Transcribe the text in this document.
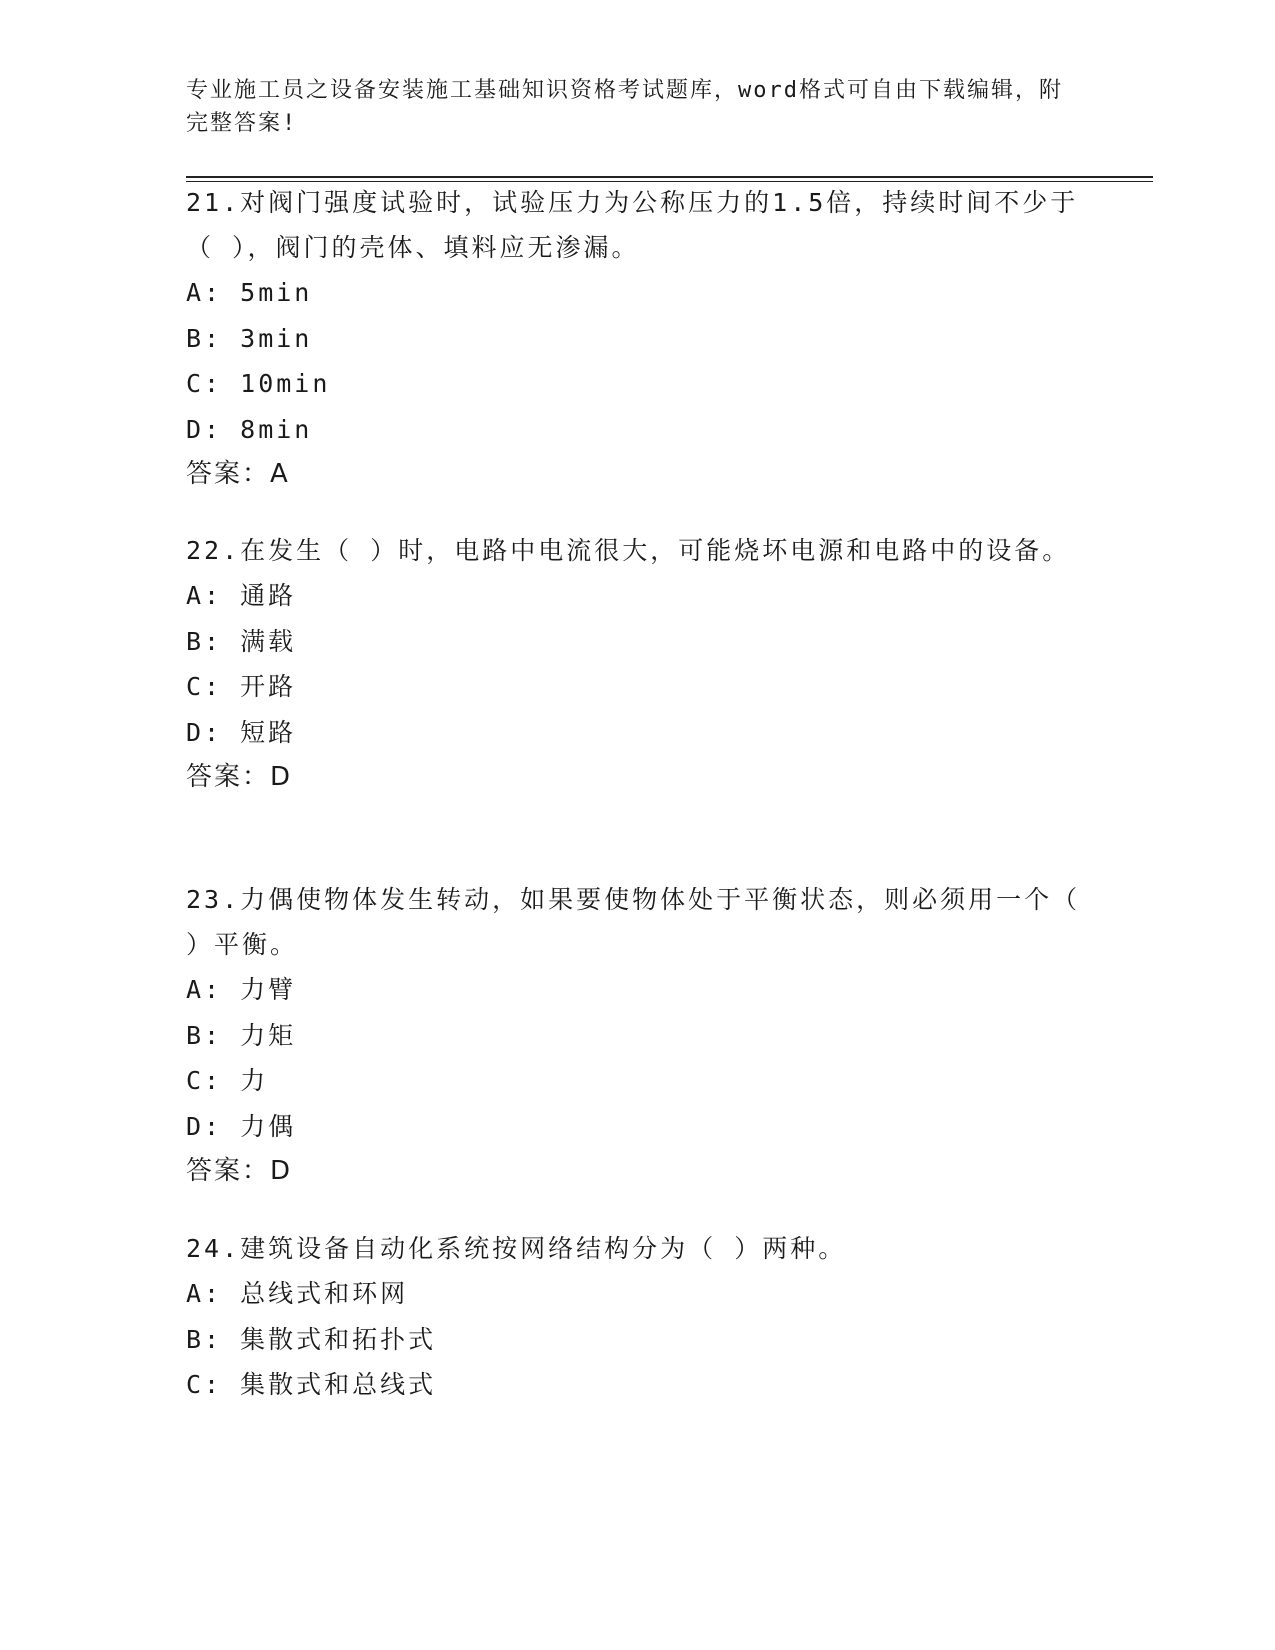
专业施工员之设备安装施工基础知识资格考试题库，word格式可自由下载编辑，附完整答案!

21.对阀门强度试验时，试验压力为公称压力的1.5倍，持续时间不少于（ ），阀门的壳体、填料应无渗漏。

A: 5min

B: 3min

C: 10min

D: 8min

答案：A

22.在发生（ ）时，电路中电流很大，可能烧坏电源和电路中的设备。

A: 通路

B: 满载

C: 开路

D: 短路

答案：D

23.力偶使物体发生转动，如果要使物体处于平衡状态，则必须用一个（ ）平衡。

A: 力臂

B: 力矩

C: 力

D: 力偶

答案：D

24.建筑设备自动化系统按网络结构分为（ ）两种。

A: 总线式和环网

B: 集散式和拓扑式

C: 集散式和总线式
